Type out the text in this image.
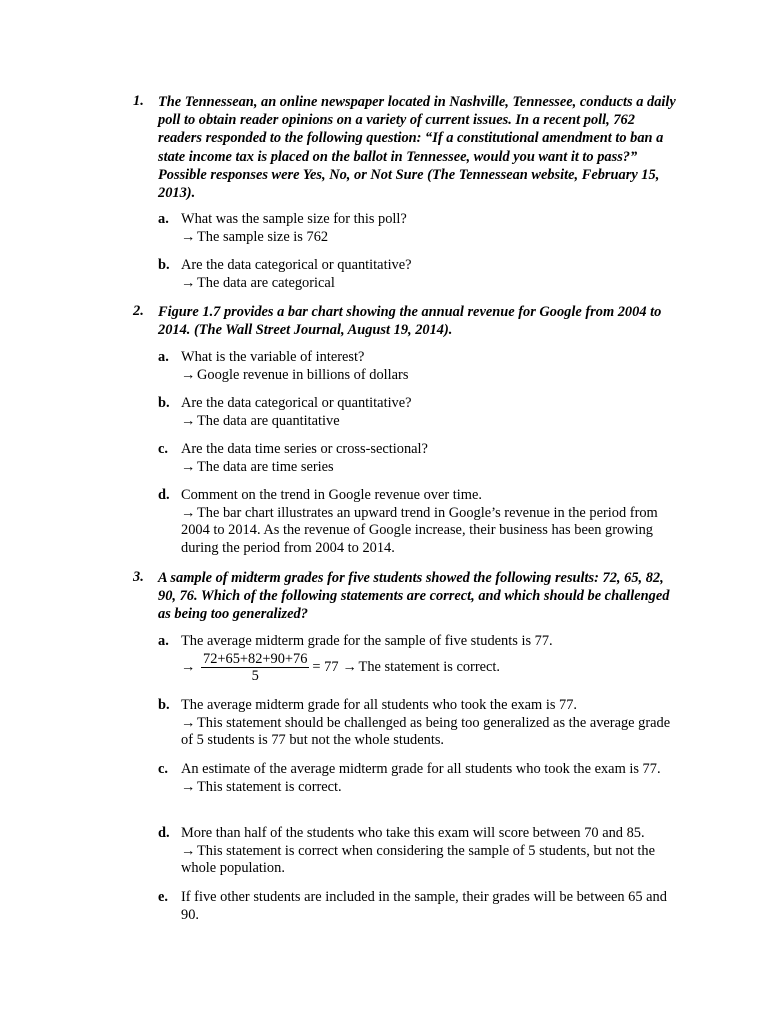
1. The Tennessean, an online newspaper located in Nashville, Tennessee, conducts a daily poll to obtain reader opinions on a variety of current issues. In a recent poll, 762 readers responded to the following question: “If a constitutional amendment to ban a state income tax is placed on the ballot in Tennessee, would you want it to pass?” Possible responses were Yes, No, or Not Sure (The Tennessean website, February 15, 2013).
a. What was the sample size for this poll?
→ The sample size is 762
b. Are the data categorical or quantitative?
→ The data are categorical
2. Figure 1.7 provides a bar chart showing the annual revenue for Google from 2004 to 2014. (The Wall Street Journal, August 19, 2014).
a. What is the variable of interest?
→ Google revenue in billions of dollars
b. Are the data categorical or quantitative?
→ The data are quantitative
c. Are the data time series or cross-sectional?
→ The data are time series
d. Comment on the trend in Google revenue over time.
→ The bar chart illustrates an upward trend in Google’s revenue in the period from 2004 to 2014. As the revenue of Google increase, their business has been growing during the period from 2004 to 2014.
3. A sample of midterm grades for five students showed the following results: 72, 65, 82, 90, 76. Which of the following statements are correct, and which should be challenged as being too generalized?
a. The average midterm grade for the sample of five students is 77.
→ $\frac{72+65+82+90+76}{5} = 77$ → The statement is correct.
b. The average midterm grade for all students who took the exam is 77.
→ This statement should be challenged as being too generalized as the average grade of 5 students is 77 but not the whole students.
c. An estimate of the average midterm grade for all students who took the exam is 77.
→ This statement is correct.
d. More than half of the students who take this exam will score between 70 and 85.
→ This statement is correct when considering the sample of 5 students, but not the whole population.
e. If five other students are included in the sample, their grades will be between 65 and 90.
